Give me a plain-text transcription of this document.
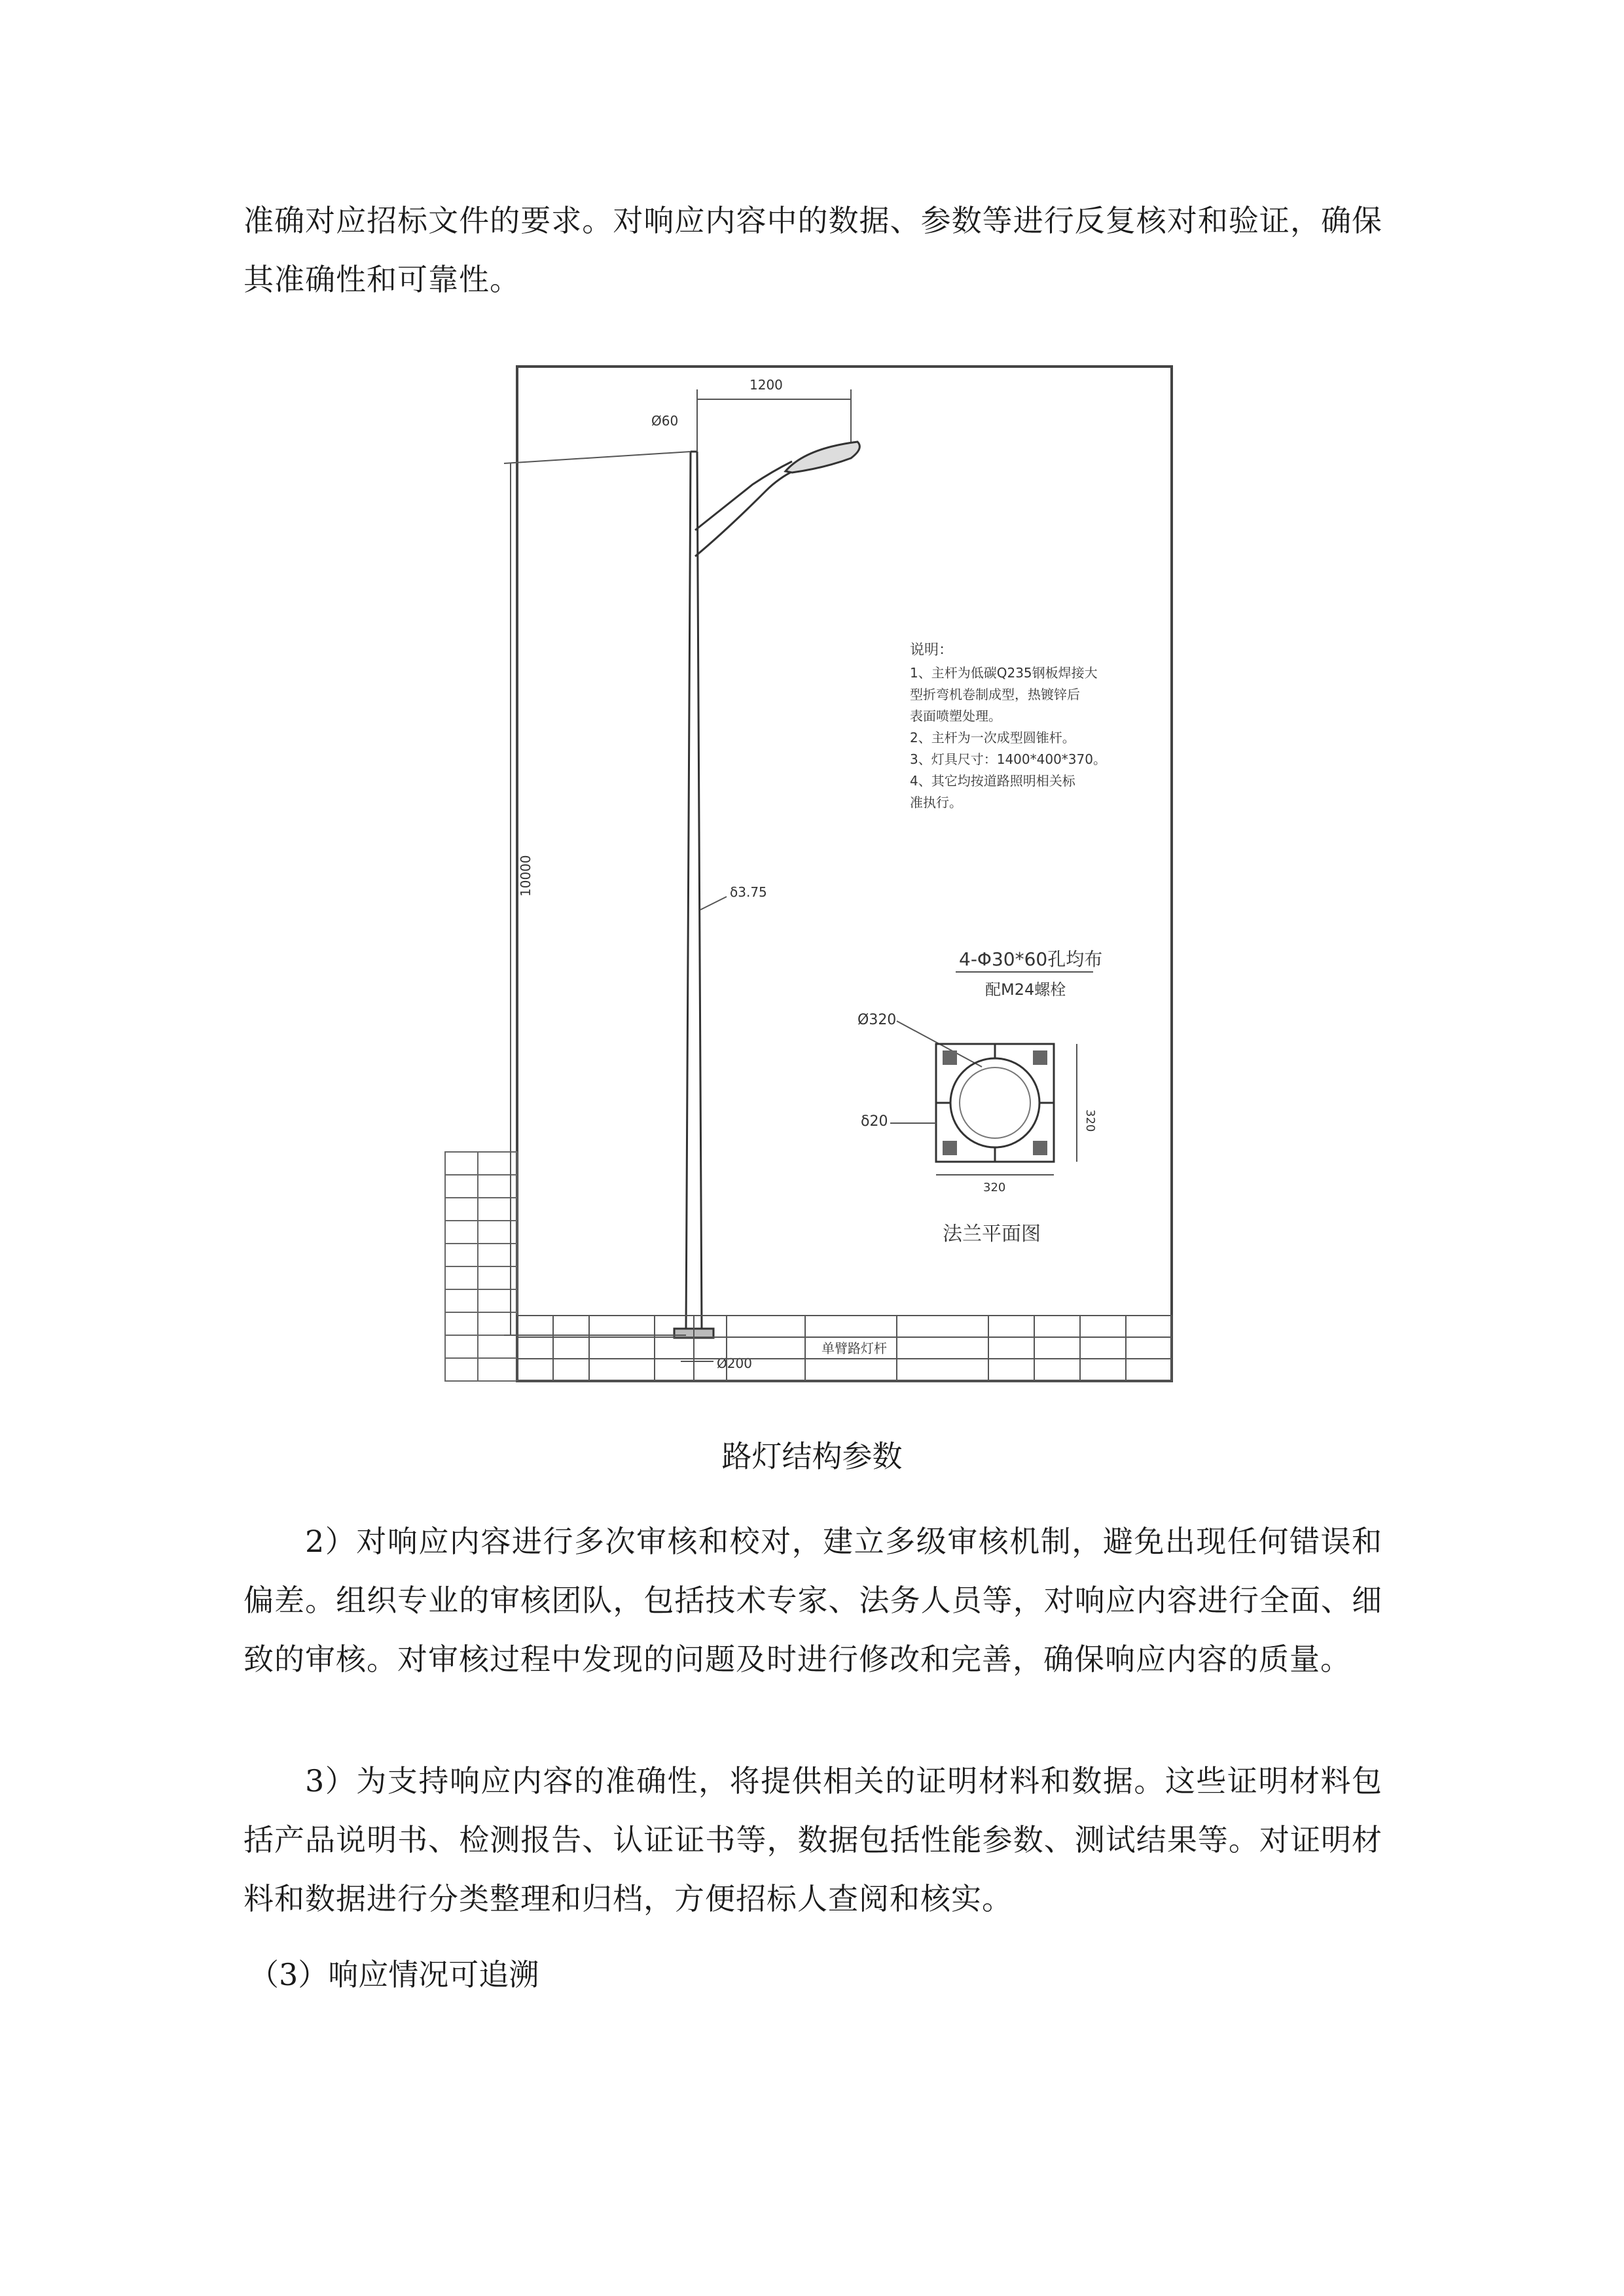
准确对应招标文件的要求。对响应内容中的数据、参数等进行反复核对和验证，确保其准确性和可靠性。

1200
Ø60
10000	δ3.75
Ø200
说明：
1、主杆为低碳Q235钢板焊接大
型折弯机卷制成型，热镀锌后
表面喷塑处理。
2、主杆为一次成型圆锥杆。
3、灯具尺寸：1400*400*370。
4、其它均按道路照明相关标
准执行。
4-Φ30*60孔均布
配M24螺栓
Ø320
δ20	320
320
法兰平面图
单臂路灯杆

路灯结构参数

2）对响应内容进行多次审核和校对，建立多级审核机制，避免出现任何错误和偏差。组织专业的审核团队，包括技术专家、法务人员等，对响应内容进行全面、细致的审核。对审核过程中发现的问题及时进行修改和完善，确保响应内容的质量。

3）为支持响应内容的准确性，将提供相关的证明材料和数据。这些证明材料包括产品说明书、检测报告、认证证书等，数据包括性能参数、测试结果等。对证明材料和数据进行分类整理和归档，方便招标人查阅和核实。

（3）响应情况可追溯
